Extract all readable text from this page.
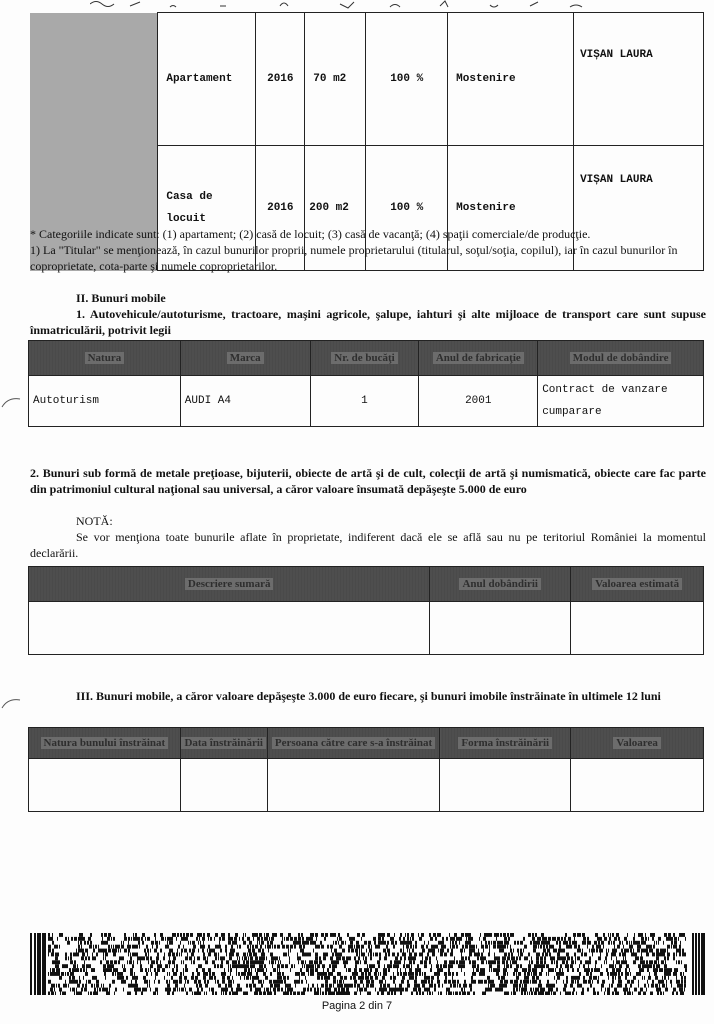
	Apartament	2016	70 m2	100 %	Mostenire	VIȘAN LAURA
	Casa de locuit	2016	200 m2	100 %	Mostenire	VIȘAN LAURA
* Categoriile indicate sunt: (1) apartament; (2) casă de locuit; (3) casă de vacanţă; (4) spaţii comerciale/de producţie.
1) La "Titular" se menţionează, în cazul bunurilor proprii, numele proprietarului (titularul, soţul/soţia, copilul), iar în cazul bunurilor în coproprietate, cota-parte şi numele coproprietarilor.
II. Bunuri mobile
1. Autovehicule/autoturisme, tractoare, maşini agricole, şalupe, iahturi şi alte mijloace de transport care sunt supuse înmatriculării, potrivit legii
Natura	Marca	Nr. de bucăţi	Anul de fabricaţie	Modul de dobândire
Autoturism	AUDI A4	1	2001	Contract de vanzare cumparare
2. Bunuri sub formă de metale preţioase, bijuterii, obiecte de artă şi de cult, colecţii de artă şi numismatică, obiecte care fac parte din patrimoniul cultural naţional sau universal, a căror valoare însumată depăşeşte 5.000 de euro
NOTĂ:
Se vor menţiona toate bunurile aflate în proprietate, indiferent dacă ele se află sau nu pe teritoriul României la momentul declarării.
Descriere sumară	Anul dobândirii	Valoarea estimată

III. Bunuri mobile, a căror valoare depăşeşte 3.000 de euro fiecare, şi bunuri imobile înstrăinate în ultimele 12 luni
Natura bunului înstrăinat	Data înstrăinării	Persoana către care s-a înstrăinat	Forma înstrăinării	Valoarea

Pagina 2 din 7
